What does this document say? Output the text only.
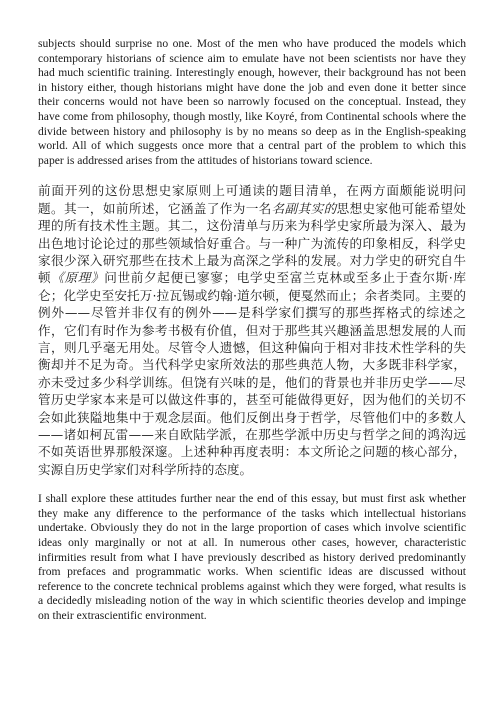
subjects should surprise no one. Most of the men who have produced the models which contemporary historians of science aim to emulate have not been scientists nor have they had much scientific training. Interestingly enough, however, their background has not been in history either, though historians might have done the job and even done it better since their concerns would not have been so narrowly focused on the conceptual. Instead, they have come from philosophy, though mostly, like Koyré, from Continental schools where the divide between history and philosophy is by no means so deep as in the English-speaking world. All of which suggests once more that a central part of the problem to which this paper is addressed arises from the attitudes of historians toward science.

前面开列的这份思想史家原则上可通读的题目清单，在两方面颇能说明问题。其一，如前所述，它涵盖了作为一名名副其实的思想史家他可能希望处理的所有技术性主题。其二，这份清单与历来为科学史家所最为深入、最为出色地讨论论过的那些领域恰好重合。与一种广为流传的印象相反，科学史家很少深入研究那些在技术上最为高深之学科的发展。对力学史的研究自牛顿《原理》问世前夕起便已寥寥；电学史至富兰克林或至多止于查尔斯·库仑；化学史至安托万·拉瓦锡或约翰·道尔顿，便戛然而止；余者类同。主要的例外——尽管并非仅有的例外——是科学家们撰写的那些挥格式的综述之作，它们有时作为参考书极有价值，但对于那些其兴趣涵盖思想发展的人而言，则几乎毫无用处。尽管令人遗憾，但这种偏向于相对非技术性学科的失衡却并不足为奇。当代科学史家所效法的那些典范人物，大多既非科学家，亦未受过多少科学训练。但饶有兴味的是，他们的背景也并非历史学——尽管历史学家本来是可以做这件事的，甚至可能做得更好，因为他们的关切不会如此狭隘地集中于观念层面。他们反倒出身于哲学，尽管他们中的多数人——诸如柯瓦雷——来自欧陆学派，在那些学派中历史与哲学之间的鸿沟远不如英语世界那般深邃。上述种种再度表明：本文所论之问题的核心部分，实源自历史学家们对科学所持的态度。

I shall explore these attitudes further near the end of this essay, but must first ask whether they make any difference to the performance of the tasks which intellectual historians undertake. Obviously they do not in the large proportion of cases which involve scientific ideas only marginally or not at all. In numerous other cases, however, characteristic infirmities result from what I have previously described as history derived predominantly from prefaces and programmatic works. When scientific ideas are discussed without reference to the concrete technical problems against which they were forged, what results is a decidedly misleading notion of the way in which scientific theories develop and impinge on their extrascientific environment.
